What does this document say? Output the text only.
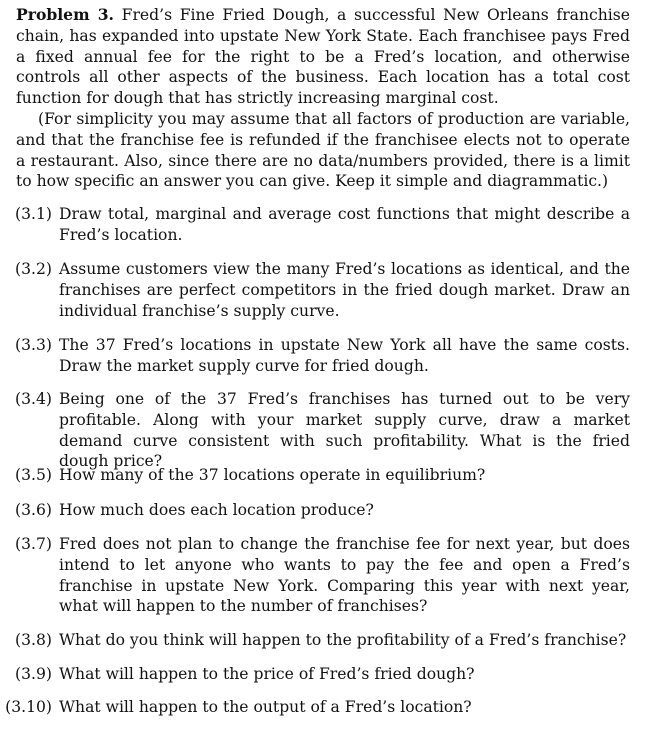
Problem 3. Fred’s Fine Fried Dough, a successful New Orleans franchise chain, has expanded into upstate New York State. Each franchisee pays Fred a fixed annual fee for the right to be a Fred’s location, and otherwise controls all other aspects of the business. Each location has a total cost function for dough that has strictly increasing marginal cost.

(For simplicity you may assume that all factors of production are variable, and that the franchise fee is refunded if the franchisee elects not to operate a restaurant. Also, since there are no data/numbers provided, there is a limit to how specific an answer you can give. Keep it simple and diagrammatic.)

(3.1) Draw total, marginal and average cost functions that might describe a Fred’s location.
(3.2) Assume customers view the many Fred’s locations as identical, and the franchises are perfect competitors in the fried dough market. Draw an individual franchise’s supply curve.
(3.3) The 37 Fred’s locations in upstate New York all have the same costs. Draw the market supply curve for fried dough.
(3.4) Being one of the 37 Fred’s franchises has turned out to be very profitable. Along with your market supply curve, draw a market demand curve consistent with such profitability. What is the fried dough price?
(3.5) How many of the 37 locations operate in equilibrium?
(3.6) How much does each location produce?
(3.7) Fred does not plan to change the franchise fee for next year, but does intend to let anyone who wants to pay the fee and open a Fred’s franchise in upstate New York. Comparing this year with next year, what will happen to the number of franchises?
(3.8) What do you think will happen to the profitability of a Fred’s franchise?
(3.9) What will happen to the price of Fred’s fried dough?
(3.10) What will happen to the output of a Fred’s location?
